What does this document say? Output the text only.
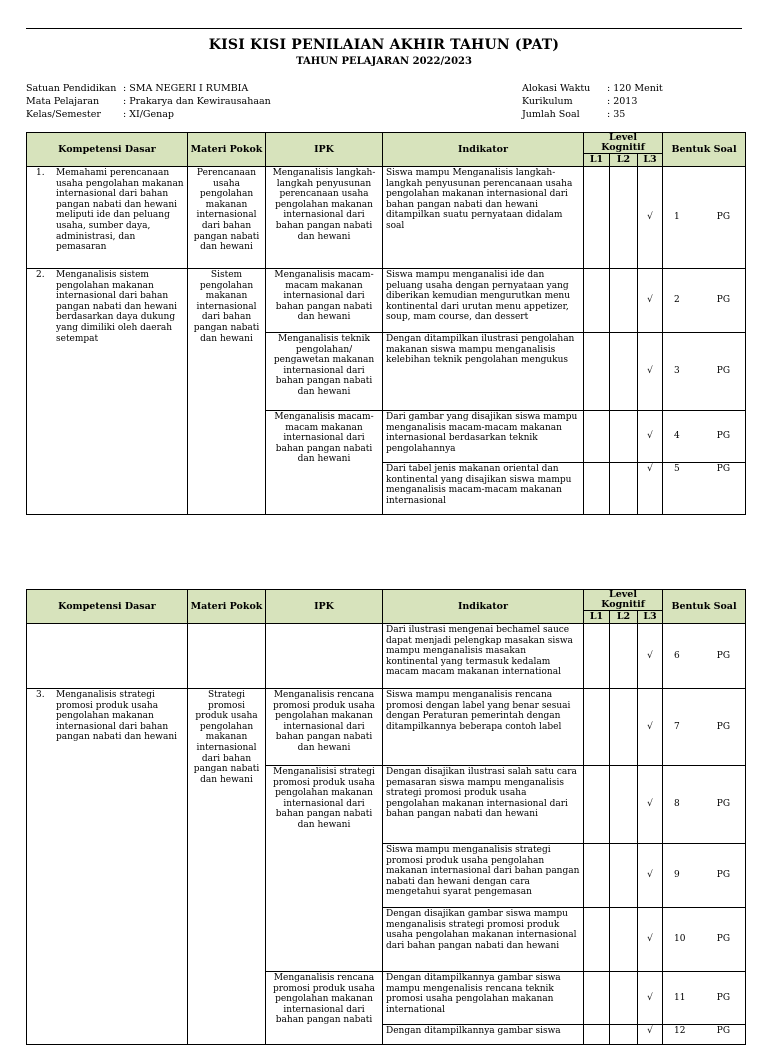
KISI KISI PENILAIAN AKHIR TAHUN (PAT)
TAHUN PELAJARAN 2022/2023
Satuan Pendidikan : SMA NEGERI I RUMBIA
Mata Pelajaran	: Prakarya dan Kewirausahaan
Kelas/Semester : XI/Genap
Alokasi Waktu : 120 Menit
Kurikulum	: 2013
Jumlah Soal	: 35
Kompetensi Dasar	Materi Pokok	IPK	Indikator	Level Kognitif			Bentuk Soal
				L1	L2	L3	

1. Memahami perencanaan usaha pengolahan makanan internasional dari bahan pangan nabati dan hewani meliputi ide dan peluang usaha, sumber daya, administrasi, dan pemasaran	Perencanaan usaha pengolahan makanan internasional dari bahan pangan nabati dan hewani	Menganalisis langkah-langkah penyusunan perencanaan usaha pengolahan makanan internasional dari bahan pangan nabati dan hewani	Siswa mampu Menganalisis langkah-langkah penyusunan perencanaan usaha pengolahan makanan internasional dari bahan pangan nabati dan hewani ditampilkan suatu pernyataan didalam soal			√	1 PG

2. Menganalisis sistem pengolahan makanan internasional dari bahan pangan nabati dan hewani berdasarkan daya dukung yang dimiliki oleh daerah setempat	Sistem pengolahan makanan internasional dari bahan pangan nabati dan hewani	Menganalisis macam-macam makanan internasional dari bahan pangan nabati dan hewani	Siswa mampu menganalisi ide dan peluang usaha dengan pernyataan yang diberikan kemudian mengurutkan menu kontinental dari urutan menu appetizer, soup, mam course, dan dessert			√	2 PG

		Menganalisis teknik pengolahan/ pengawetan makanan internasional dari bahan pangan nabati dan hewani	Dengan ditampilkan ilustrasi pengolahan makanan siswa mampu menganalisis kelebihan teknik pengolahan mengukus			√	3 PG

		Menganalisis macam-macam makanan internasional dari bahan pangan nabati dan hewani	Dari gambar yang disajikan siswa mampu menganalisis macam-macam makanan internasional berdasarkan teknik pengolahannya			√	4 PG

			Dari tabel jenis makanan oriental dan kontinental yang disajikan siswa mampu menganalisis macam-macam makanan internasional			√	5 PG
Kompetensi Dasar	Materi Pokok	IPK	Indikator	Level Kognitif			Bentuk Soal
				L1	L2	L3	
			Dari ilustrasi mengenai bechamel sauce dapat menjadi pelengkap masakan siswa mampu menganalisis masakan kontinental yang termasuk kedalam macam macam makanan international			√	6 PG

3. Menganalisis strategi promosi produk usaha pengolahan makanan internasional dari bahan pangan nabati dan hewani	Strategi promosi produk usaha pengolahan makanan internasional dari bahan pangan nabati dan hewani	Menganalisis rencana promosi produk usaha pengolahan makanan internasional dari bahan pangan nabati dan hewani	Siswa mampu menganalisis rencana promosi dengan label yang benar sesuai dengan Peraturan pemerintah dengan ditampilkannya beberapa contoh label			√	7 PG

		Menganalisisi strategi promosi produk usaha pengolahan makanan internasional dari bahan pangan nabati dan hewani	Dengan disajikan ilustrasi salah satu cara pemasaran siswa mampu menganalisis strategi promosi produk usaha pengolahan makanan internasional dari bahan pangan nabati dan hewani			√	8 PG

			Siswa mampu menganalisis strategi promosi produk usaha pengolahan makanan internasional dari bahan pangan nabati dan hewani dengan cara mengetahui syarat pengemasan			√	9 PG

			Dengan disajikan gambar siswa mampu menganalisis strategi promosi produk usaha pengolahan makanan internasional dari bahan pangan nabati dan hewani			√	10 PG

		Menganalisis rencana promosi produk usaha pengolahan makanan internasional dari bahan pangan nabati	Dengan ditampilkannya gambar siswa mampu mengenalisis rencana teknik promosi usaha pengolahan makanan international			√	11 PG

			Dengan ditampilkannya gambar siswa			√	12 PG
